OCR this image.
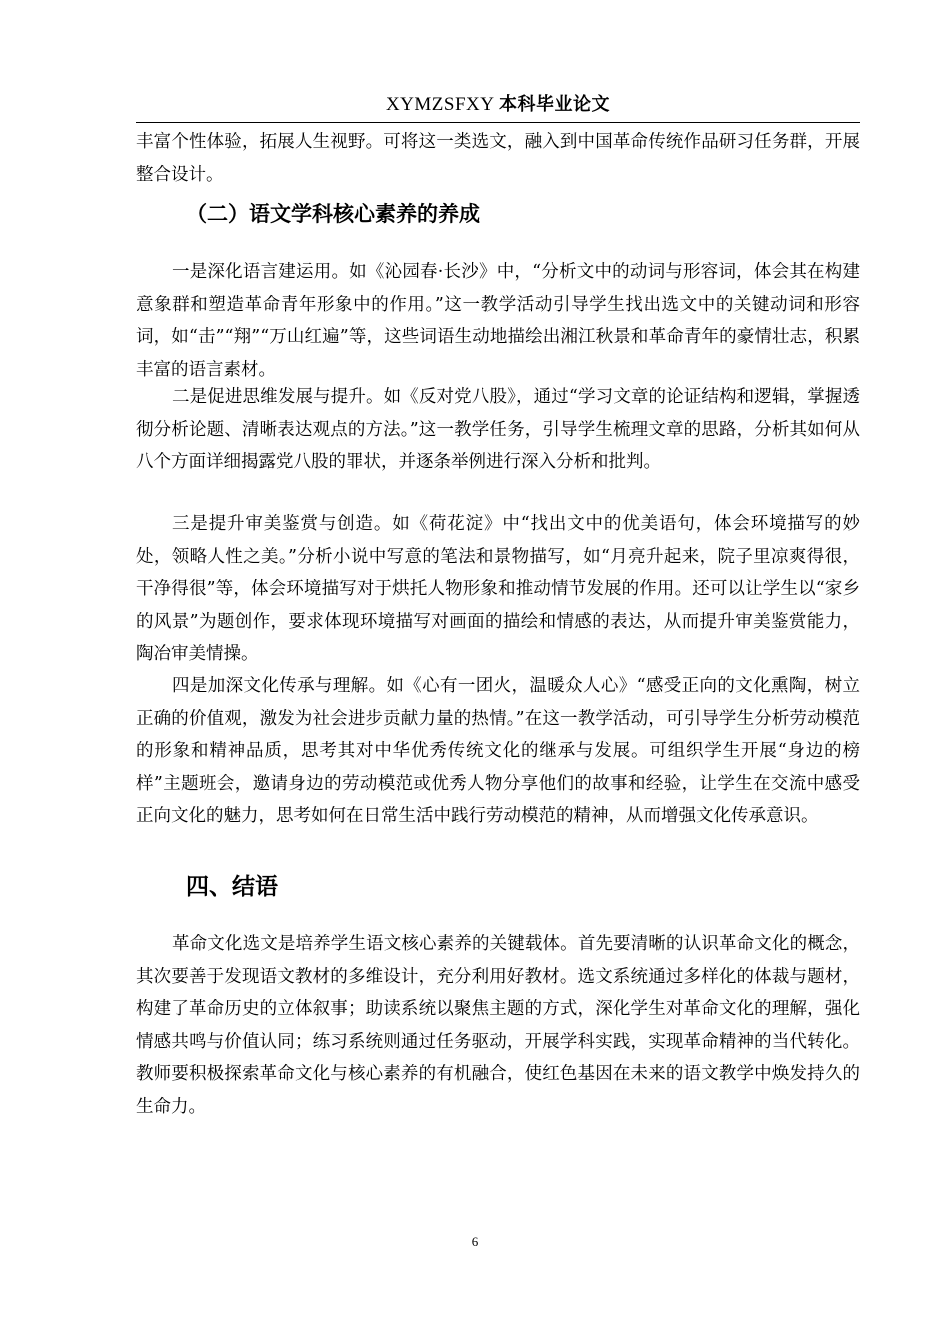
XYMZSFXY 本科毕业论文

丰富个性体验，拓展人生视野。可将这一类选文，融入到中国革命传统作品研习任务群，开展整合设计。

（二）语文学科核心素养的养成

一是深化语言建运用。如《沁园春·长沙》中，“分析文中的动词与形容词，体会其在构建意象群和塑造革命青年形象中的作用。”这一教学活动引导学生找出选文中的关键动词和形容词，如“击”“翔”“万山红遍”等，这些词语生动地描绘出湘江秋景和革命青年的豪情壮志，积累丰富的语言素材。

二是促进思维发展与提升。如《反对党八股》，通过“学习文章的论证结构和逻辑，掌握透彻分析论题、清晰表达观点的方法。”这一教学任务，引导学生梳理文章的思路，分析其如何从八个方面详细揭露党八股的罪状，并逐条举例进行深入分析和批判。

三是提升审美鉴赏与创造。如《荷花淀》中“找出文中的优美语句，体会环境描写的妙处，领略人性之美。”分析小说中写意的笔法和景物描写，如“月亮升起来，院子里凉爽得很，干净得很”等，体会环境描写对于烘托人物形象和推动情节发展的作用。还可以让学生以“家乡的风景”为题创作，要求体现环境描写对画面的描绘和情感的表达，从而提升审美鉴赏能力，陶冶审美情操。

四是加深文化传承与理解。如《心有一团火，温暖众人心》“感受正向的文化熏陶，树立正确的价值观，激发为社会进步贡献力量的热情。”在这一教学活动，可引导学生分析劳动模范的形象和精神品质，思考其对中华优秀传统文化的继承与发展。可组织学生开展“身边的榜样”主题班会，邀请身边的劳动模范或优秀人物分享他们的故事和经验，让学生在交流中感受正向文化的魅力，思考如何在日常生活中践行劳动模范的精神，从而增强文化传承意识。

四、结语

革命文化选文是培养学生语文核心素养的关键载体。首先要清晰的认识革命文化的概念，其次要善于发现语文教材的多维设计，充分利用好教材。选文系统通过多样化的体裁与题材，构建了革命历史的立体叙事；助读系统以聚焦主题的方式，深化学生对革命文化的理解，强化情感共鸣与价值认同；练习系统则通过任务驱动，开展学科实践，实现革命精神的当代转化。教师要积极探索革命文化与核心素养的有机融合，使红色基因在未来的语文教学中焕发持久的生命力。

6
